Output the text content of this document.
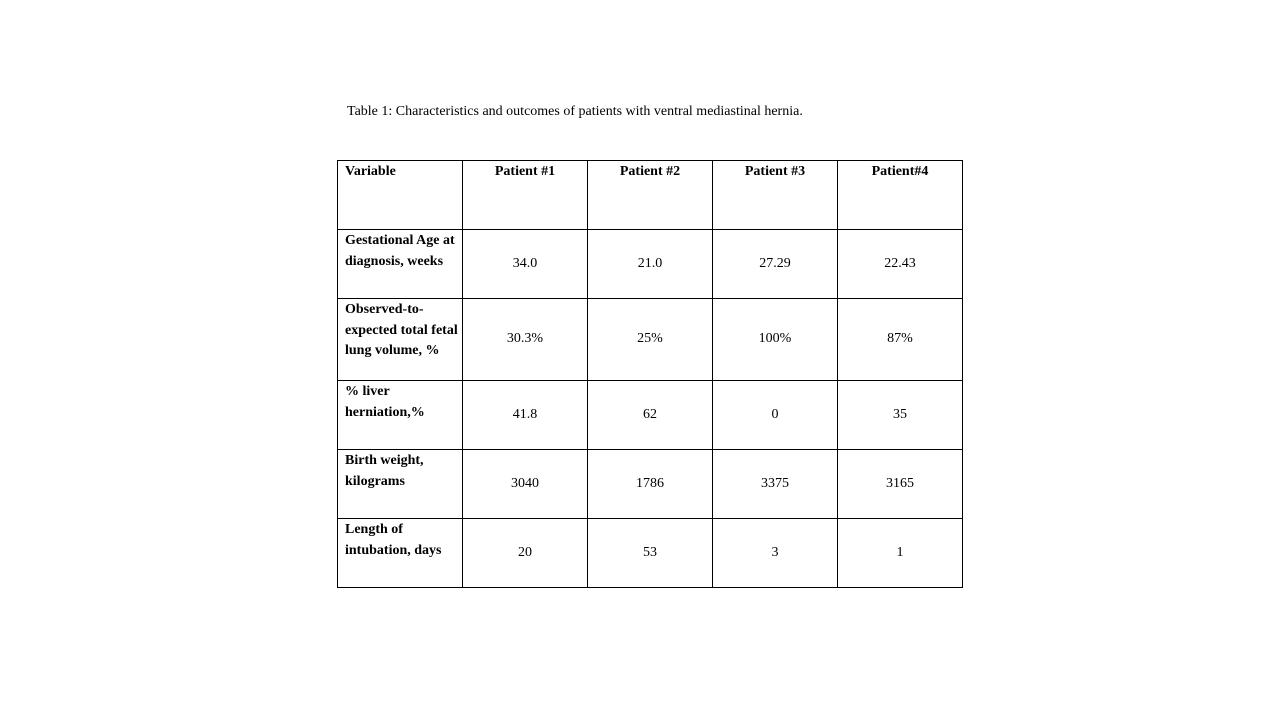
Table 1: Characteristics and outcomes of patients with ventral mediastinal hernia.
Variable	Patient #1	Patient #2	Patient #3	Patient#4
Gestational Age at diagnosis, weeks	34.0	21.0	27.29	22.43
Observed-to-expected total fetal lung volume, %	30.3%	25%	100%	87%
% liver herniation,%	41.8	62	0	35
Birth weight, kilograms	3040	1786	3375	3165
Length of intubation, days	20	53	3	1
